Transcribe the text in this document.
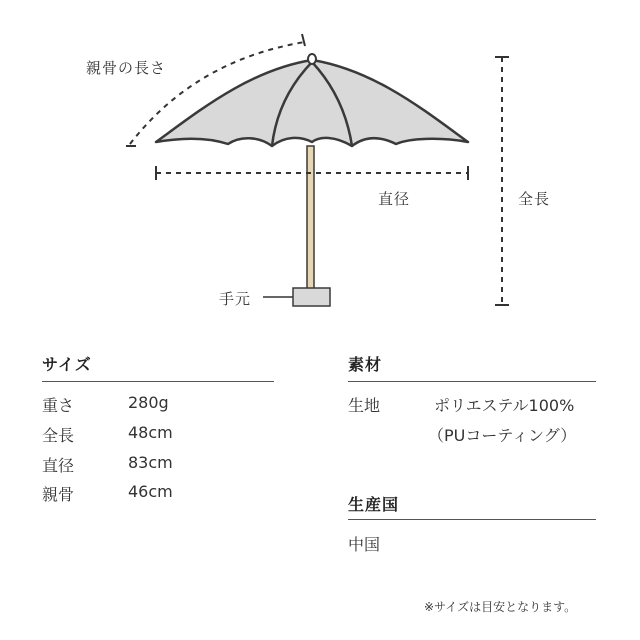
親骨の長さ
直径	全長
手元
サイズ
重さ	280g
全長	48cm
直径	83cm
親骨	46cm
素材
生地	ポリエステル100%
（PUコーティング）
生産国
中国
※サイズは目安となります。
